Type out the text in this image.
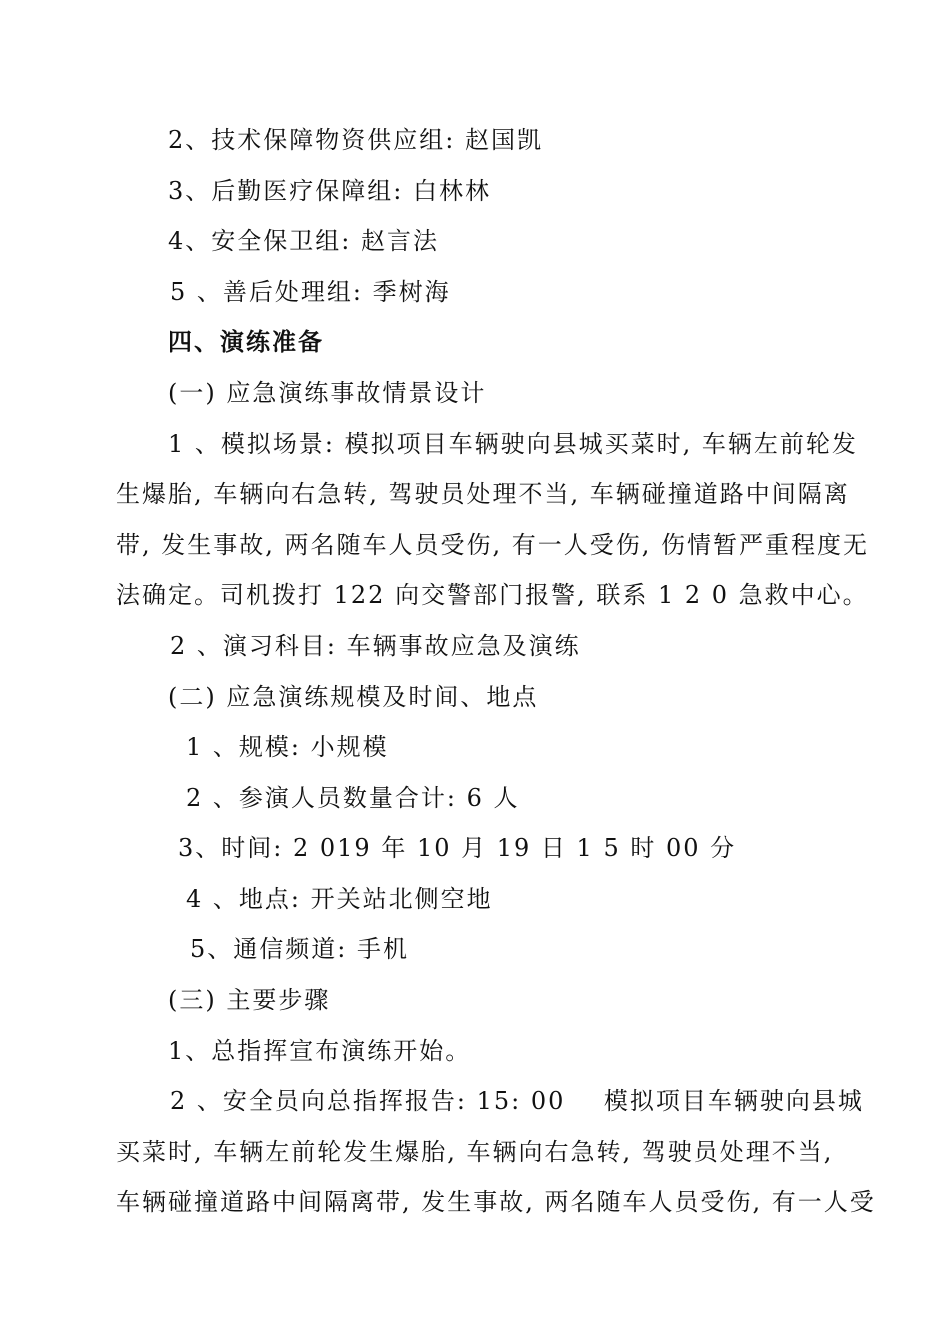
2、技术保障物资供应组: 赵国凯
3、后勤医疗保障组: 白林林
4、安全保卫组: 赵言法
5 、善后处理组: 季树海
四、演练准备
(一) 应急演练事故情景设计
1 、模拟场景: 模拟项目车辆驶向县城买菜时, 车辆左前轮发
生爆胎, 车辆向右急转, 驾驶员处理不当, 车辆碰撞道路中间隔离
带, 发生事故, 两名随车人员受伤, 有一人受伤, 伤情暂严重程度无
法确定。司机拨打 122 向交警部门报警, 联系 1 2 0 急救中心。
2 、演习科目: 车辆事故应急及演练
(二) 应急演练规模及时间、地点
1 、规模: 小规模
2 、参演人员数量合计: 6 人
3、时间: 2 019 年 10 月 19 日 1 5 时 00 分
4 、地点: 开关站北侧空地
5、通信频道: 手机
(三) 主要步骤
1、总指挥宣布演练开始。
2 、安全员向总指挥报告: 15: 00    模拟项目车辆驶向县城
买菜时, 车辆左前轮发生爆胎, 车辆向右急转, 驾驶员处理不当,
车辆碰撞道路中间隔离带, 发生事故, 两名随车人员受伤, 有一人受
